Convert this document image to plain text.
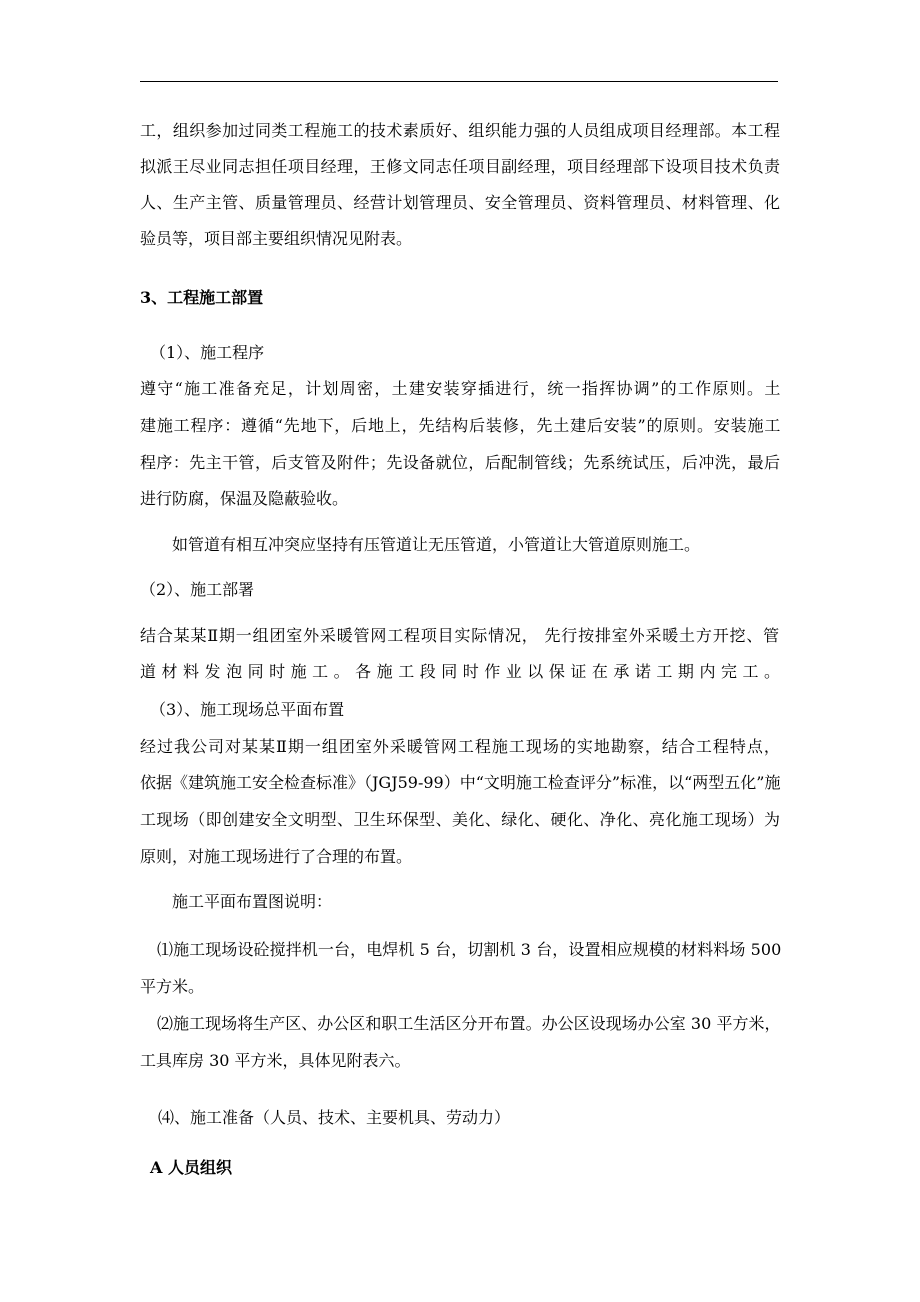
工，组织参加过同类工程施工的技术素质好、组织能力强的人员组成项目经理部。本工程
拟派王尽业同志担任项目经理，王修文同志任项目副经理，项目经理部下设项目技术负责
人、生产主管、质量管理员、经营计划管理员、安全管理员、资料管理员、材料管理、化
验员等，项目部主要组织情况见附表。
3、工程施工部置
（1）、施工程序
遵守“施工准备充足，计划周密，土建安装穿插进行，统一指挥协调”的工作原则。土
建施工程序：遵循“先地下，后地上，先结构后装修，先土建后安装”的原则。安装施工
程序：先主干管，后支管及附件；先设备就位，后配制管线；先系统试压，后冲洗，最后
进行防腐，保温及隐蔽验收。
如管道有相互冲突应坚持有压管道让无压管道，小管道让大管道原则施工。
（2）、施工部署
结合某某Ⅱ期一组团室外采暖管网工程项目实际情况， 先行按排室外采暖土方开挖、管
道材料发泡同时施工。各施工段同时作业以保证在承诺工期内完工。
（3）、施工现场总平面布置
经过我公司对某某Ⅱ期一组团室外采暖管网工程施工现场的实地勘察，结合工程特点，
依据《建筑施工安全检查标准》（JGJ59-99）中“文明施工检查评分”标准，以“两型五化”施
工现场（即创建安全文明型、卫生环保型、美化、绿化、硬化、净化、亮化施工现场）为
原则，对施工现场进行了合理的布置。
施工平面布置图说明：
⑴施工现场设砼搅拌机一台，电焊机 5 台，切割机 3 台，设置相应规模的材料料场 500
平方米。
⑵施工现场将生产区、办公区和职工生活区分开布置。办公区设现场办公室 30 平方米，
工具库房 30 平方米，具体见附表六。
⑷、施工准备（人员、技术、主要机具、劳动力）
A 人员组织
